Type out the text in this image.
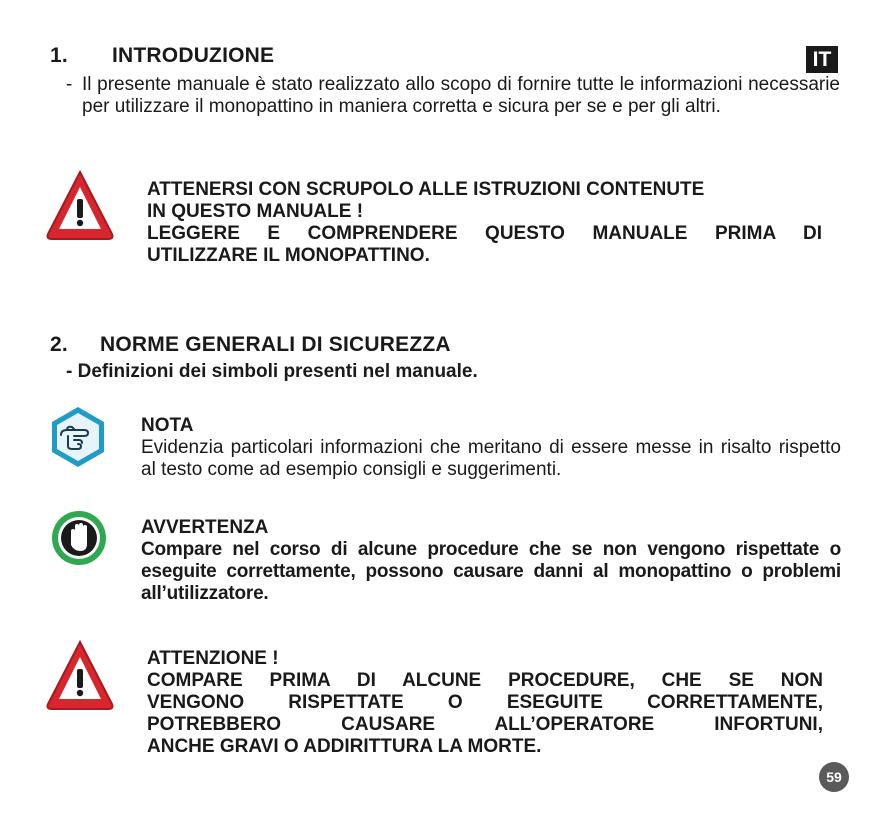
IT
1. INTRODUZIONE
- Il presente manuale è stato realizzato allo scopo di fornire tutte le informazioni necessarie per utilizzare il monopattino in maniera corretta e sicura per se e per gli altri.
ATTENERSI CON SCRUPOLO ALLE ISTRUZIONI CONTENUTE
IN QUESTO MANUALE !
LEGGERE E COMPRENDERE QUESTO MANUALE PRIMA DI
UTILIZZARE IL MONOPATTINO.
2. NORME GENERALI DI SICUREZZA
- Definizioni dei simboli presenti nel manuale.
NOTA
Evidenzia particolari informazioni che meritano di essere messe in risalto rispetto al testo come ad esempio consigli e suggerimenti.
AVVERTENZA
Compare nel corso di alcune procedure che se non vengono rispettate o eseguite correttamente, possono causare danni al monopattino o problemi all’utilizzatore.
ATTENZIONE !
COMPARE PRIMA DI ALCUNE PROCEDURE, CHE SE NON
VENGONO RISPETTATE O ESEGUITE CORRETTAMENTE,
POTREBBERO CAUSARE ALL’OPERATORE INFORTUNI,
ANCHE GRAVI O ADDIRITTURA LA MORTE.
59
